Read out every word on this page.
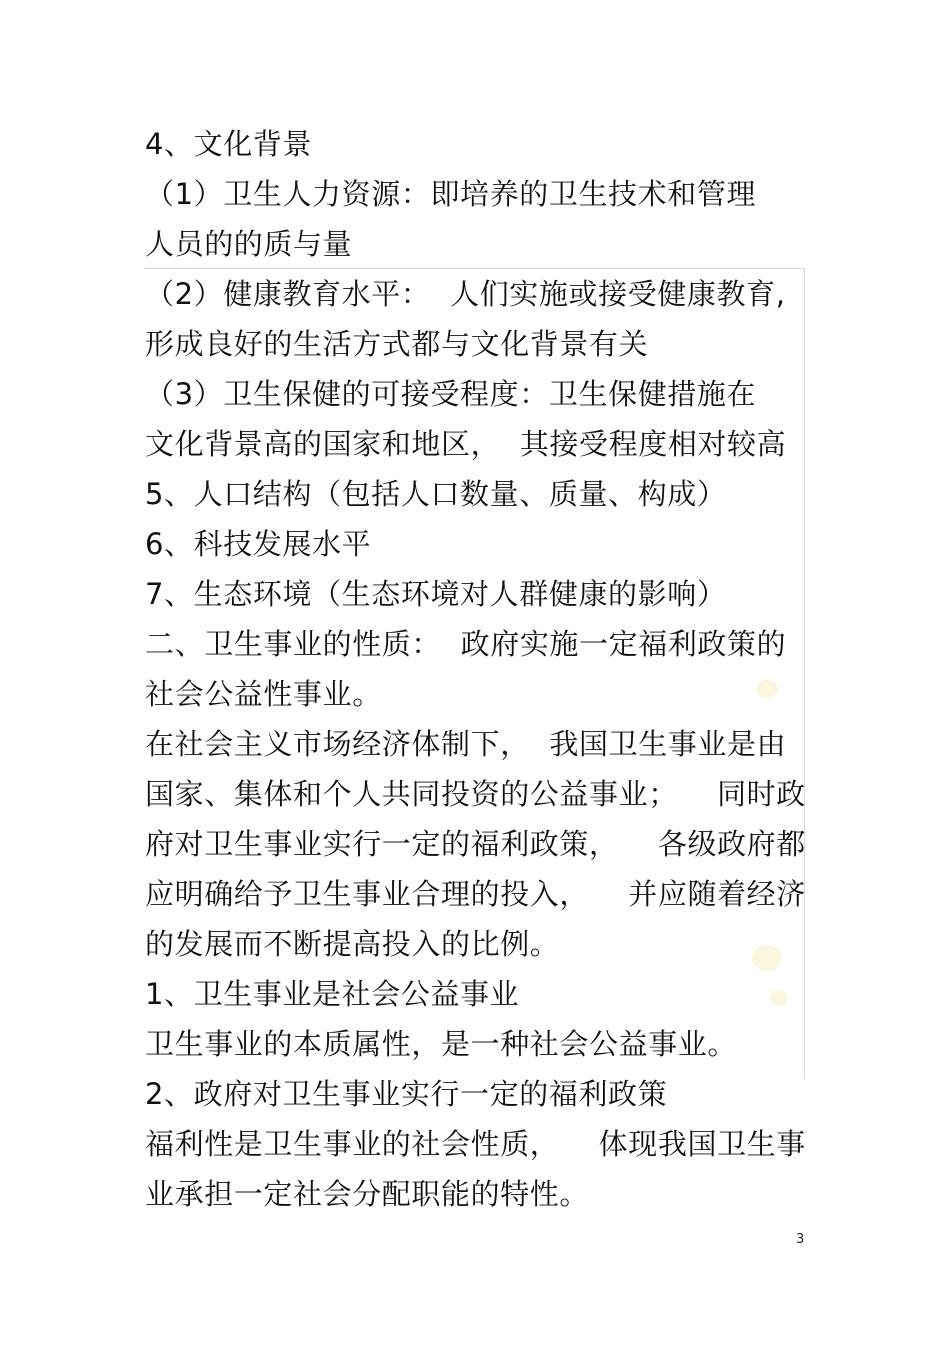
4、文化背景

（1）卫生人力资源：即培养的卫生技术和管理

人员的的质与量

（2）健康教育水平：  人们实施或接受健康教育,

形成良好的生活方式都与文化背景有关

（3）卫生保健的可接受程度：卫生保健措施在

文化背景高的国家和地区，  其接受程度相对较高

5、人口结构（包括人口数量、质量、构成）

6、科技发展水平

7、生态环境（生态环境对人群健康的影响）

二、卫生事业的性质：  政府实施一定福利政策的

社会公益性事业。

在社会主义市场经济体制下，  我国卫生事业是由

国家、集体和个人共同投资的公益事业；    同时政

府对卫生事业实行一定的福利政策，    各级政府都

应明确给予卫生事业合理的投入，    并应随着经济

的发展而不断提高投入的比例。

1、卫生事业是社会公益事业

卫生事业的本质属性，是一种社会公益事业。

2、政府对卫生事业实行一定的福利政策

福利性是卫生事业的社会性质，    体现我国卫生事

业承担一定社会分配职能的特性。

3
